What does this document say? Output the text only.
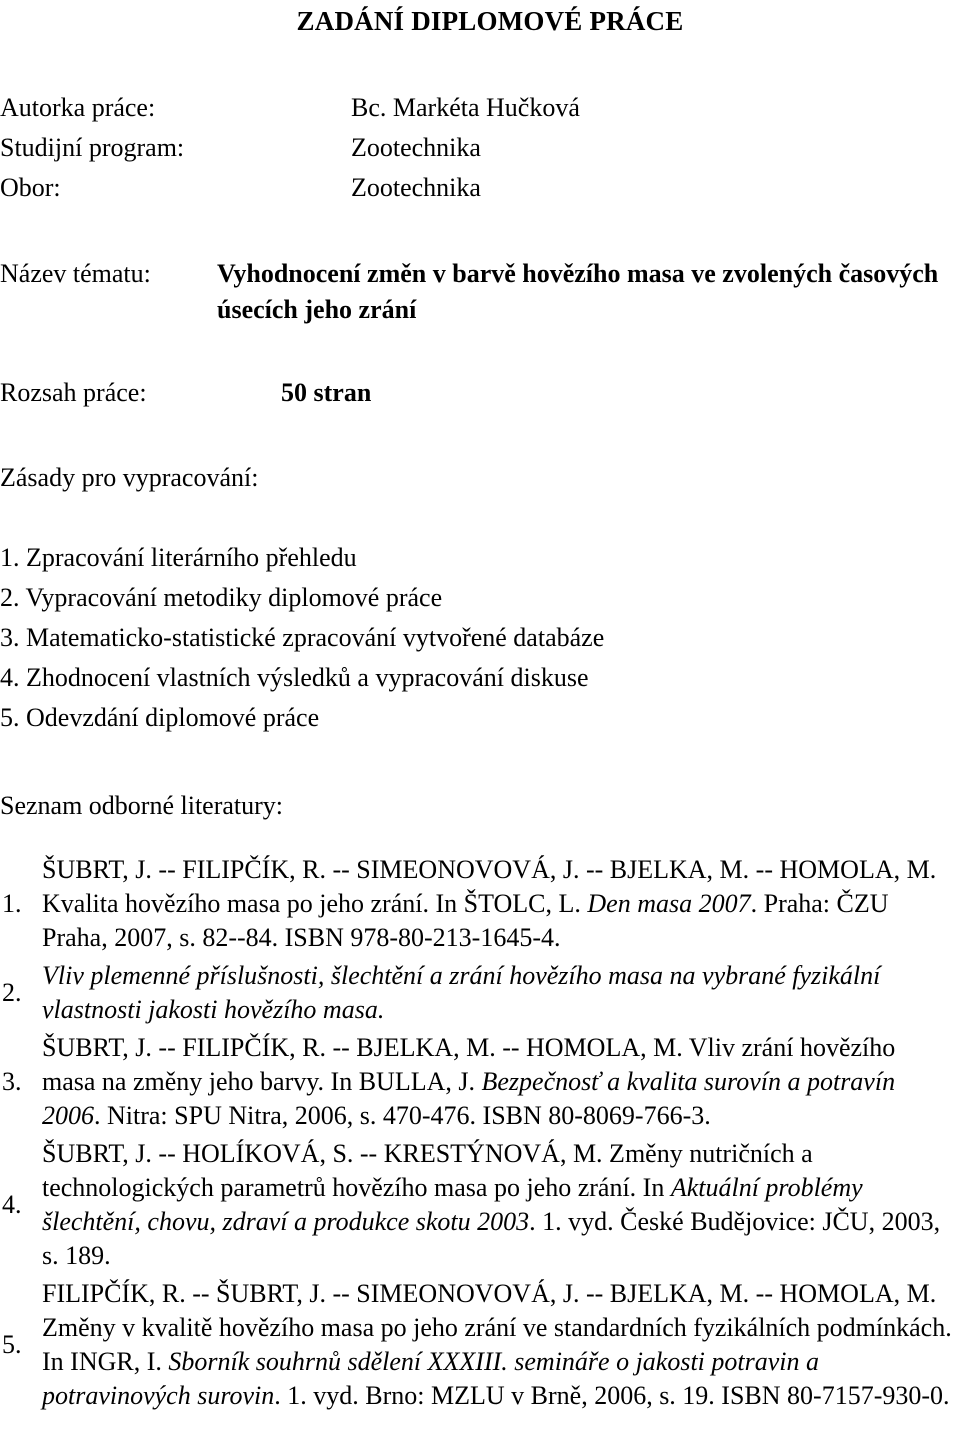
ZADÁNÍ DIPLOMOVÉ PRÁCE
Autorka práce:	Bc. Markéta Hučková
Studijní program:	Zootechnika
Obor:	Zootechnika
Název tématu:	Vyhodnocení změn v barvě hovězího masa ve zvolených časových úsecích jeho zrání
Rozsah práce:	50 stran
Zásady pro vypracování:
1. Zpracování literárního přehledu
2. Vypracování metodiky diplomové práce
3. Matematicko-statistické zpracování vytvořené databáze
4. Zhodnocení vlastních výsledků a vypracování diskuse
5. Odevzdání diplomové práce
Seznam odborné literatury:
1.
ŠUBRT, J. -- FILIPČÍK, R. -- SIMEONOVOVÁ, J. -- BJELKA, M. -- HOMOLA, M. Kvalita hovězího masa po jeho zrání. In ŠTOLC, L. Den masa 2007. Praha: ČZU Praha, 2007, s. 82--84. ISBN 978-80-213-1645-4.
2.
Vliv plemenné příslušnosti, šlechtění a zrání hovězího masa na vybrané fyzikální vlastnosti jakosti hovězího masa.
3.
ŠUBRT, J. -- FILIPČÍK, R. -- BJELKA, M. -- HOMOLA, M. Vliv zrání hovězího masa na změny jeho barvy. In BULLA, J. Bezpečnosť a kvalita surovín a potravín 2006. Nitra: SPU Nitra, 2006, s. 470-476. ISBN 80-8069-766-3.
4.
ŠUBRT, J. -- HOLÍKOVÁ, S. -- KRESTÝNOVÁ, M. Změny nutričních a technologických parametrů hovězího masa po jeho zrání. In Aktuální problémy šlechtění, chovu, zdraví a produkce skotu 2003. 1. vyd. České Budějovice: JČU, 2003, s. 189.
5.
FILIPČÍK, R. -- ŠUBRT, J. -- SIMEONOVOVÁ, J. -- BJELKA, M. -- HOMOLA, M. Změny v kvalitě hovězího masa po jeho zrání ve standardních fyzikálních podmínkách. In INGR, I. Sborník souhrnů sdělení XXXIII. semináře o jakosti potravin a potravinových surovin. 1. vyd. Brno: MZLU v Brně, 2006, s. 19. ISBN 80-7157-930-0.
